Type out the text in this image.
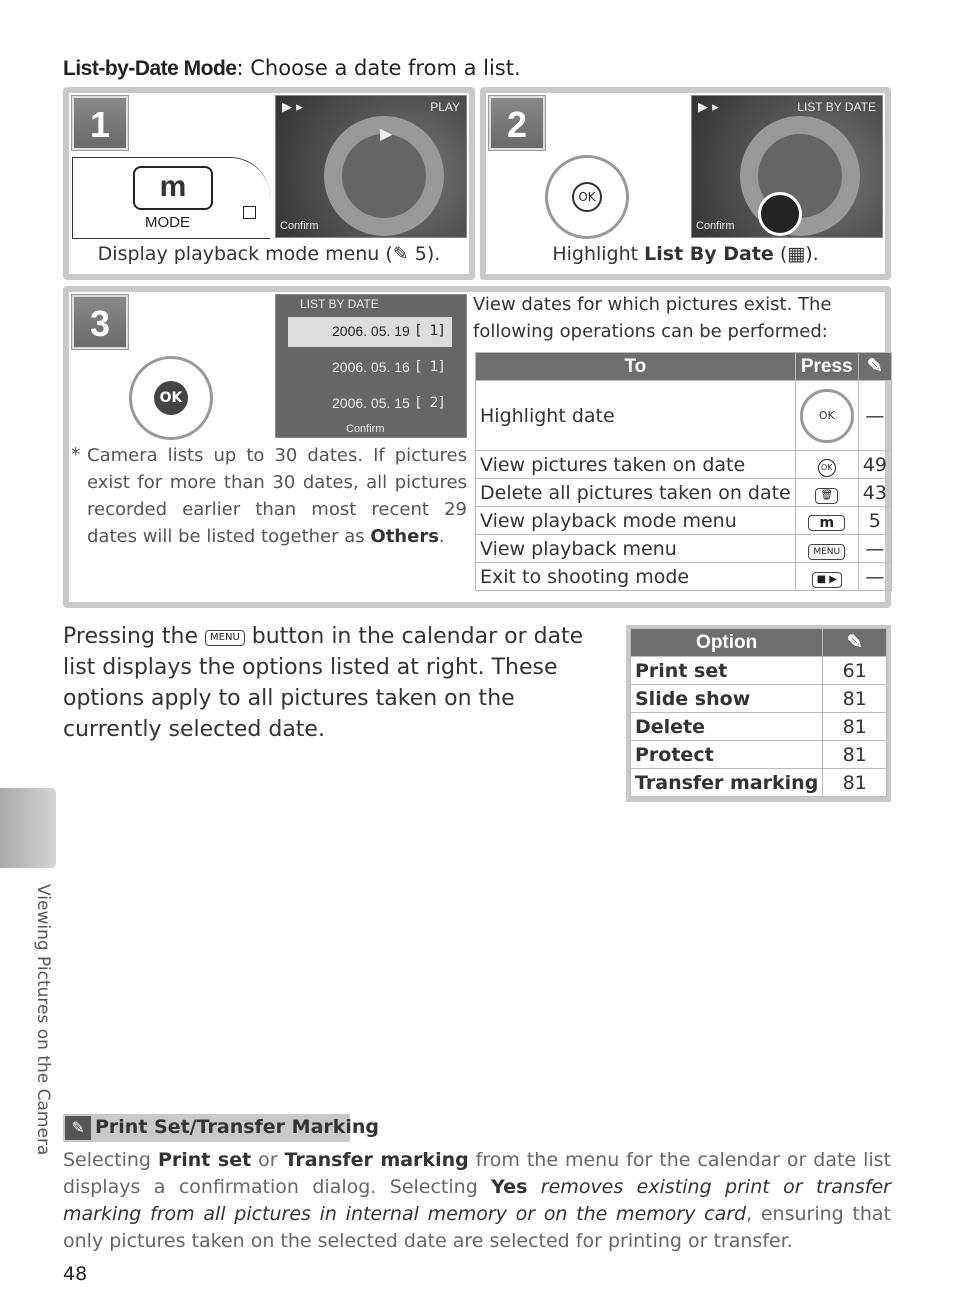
List-by-Date Mode: Choose a date from a list.
1
m
MODE
PLAY
▶ ▸
▶
Confirm
Display playback mode menu (✎ 5).
2
OK
LIST BY DATE
▶ ▸
Confirm
Highlight List By Date (▦).
3
OK
LIST BY DATE
2006. 05. 19 [ 1]
2006. 05. 16 [ 1]
2006. 05. 15 [ 2]
Confirm
* Camera lists up to 30 dates. If pictures exist for more than 30 dates, all pictures recorded earlier than most recent 29 dates will be listed together as Others.
View dates for which pictures exist. The following operations can be performed:
To	Press	✎
Highlight date	OK	—
View pictures taken on date	OK	49
Delete all pictures taken on date	🗑	43
View playback mode menu	m	5
View playback menu	MENU	—
Exit to shooting mode	■ ▶	—
Pressing the MENU button in the calendar or date list displays the options listed at right. These options apply to all pictures taken on the currently selected date.
Option	✎
Print set	61
Slide show	81
Delete	81
Protect	81
Transfer marking	81
Viewing Pictures on the Camera	✎ Print Set/Transfer Marking
Selecting Print set or Transfer marking from the menu for the calendar or date list displays a confirmation dialog. Selecting Yes removes existing print or transfer marking from all pictures in internal memory or on the memory card, ensuring that only pictures taken on the selected date are selected for printing or transfer.
48
